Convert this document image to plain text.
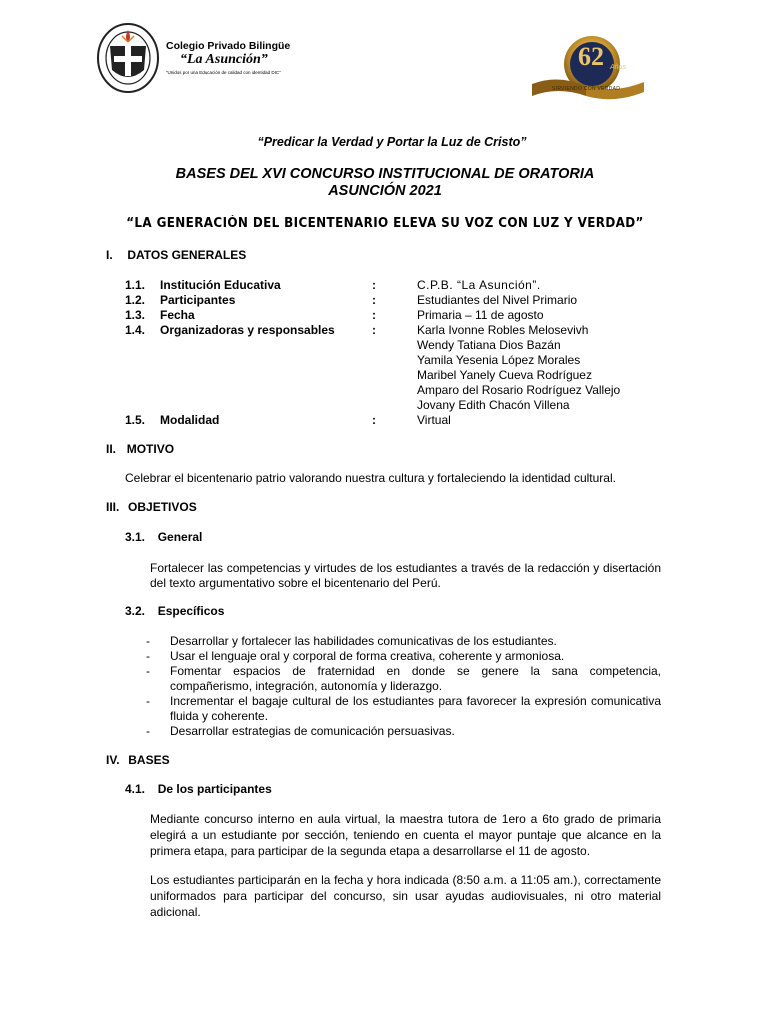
Colegio Privado Bilingüe
“La Asunción”
“Unidos por una Educación de calidad con identidad DIC”
62 Años
SIRVIENDO CON VERDAD
“Predicar la Verdad y Portar la Luz de Cristo”
BASES DEL XVI CONCURSO INSTITUCIONAL DE ORATORIA
ASUNCIÓN 2021
“LA GENERACIÓN DEL BICENTENARIO ELEVA SU VOZ CON LUZ Y VERDAD”
I. DATOS GENERALES
1.1. Institución Educativa	:	C.P.B. “La Asunción”.
1.2. Participantes	:	Estudiantes del Nivel Primario
1.3. Fecha	:	Primaria – 11 de agosto
1.4. Organizadoras y responsables	:	Karla Ivonne Robles Melosevivh
Wendy Tatiana Dios Bazán
Yamila Yesenia López Morales
Maribel Yanely Cueva Rodríguez
Amparo del Rosario Rodríguez Vallejo
Jovany Edith Chacón Villena
1.5. Modalidad	:	Virtual
II. MOTIVO
Celebrar el bicentenario patrio valorando nuestra cultura y fortaleciendo la identidad cultural.
III. OBJETIVOS
3.1. General
Fortalecer las competencias y virtudes de los estudiantes a través de la redacción y disertación del texto argumentativo sobre el bicentenario del Perú.
3.2. Específicos
- Desarrollar y fortalecer las habilidades comunicativas de los estudiantes.
- Usar el lenguaje oral y corporal de forma creativa, coherente y armoniosa.
- Fomentar espacios de fraternidad en donde se genere la sana competencia, compañerismo, integración, autonomía y liderazgo.
- Incrementar el bagaje cultural de los estudiantes para favorecer la expresión comunicativa fluida y coherente.
- Desarrollar estrategias de comunicación persuasivas.
IV. BASES
4.1. De los participantes
Mediante concurso interno en aula virtual, la maestra tutora de 1ero a 6to grado de primaria elegirá a un estudiante por sección, teniendo en cuenta el mayor puntaje que alcance en la primera etapa, para participar de la segunda etapa a desarrollarse el 11 de agosto.
Los estudiantes participarán en la fecha y hora indicada (8:50 a.m. a 11:05 am.), correctamente uniformados para participar del concurso, sin usar ayudas audiovisuales, ni otro material adicional.
